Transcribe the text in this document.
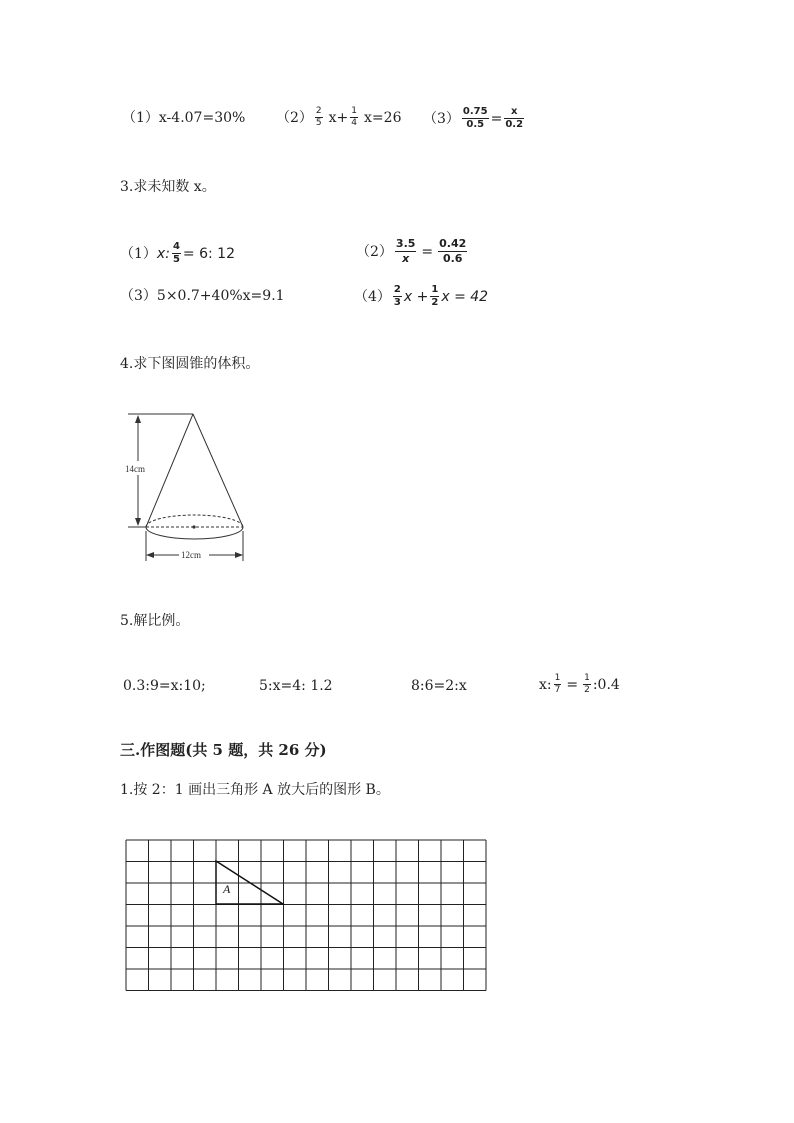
（1）x-4.07=30% $(2) \frac{2}{5} x+ \frac{1}{4} x=26$ $(3) \frac{0.75}{0.5} = \frac{x}{0.2}$
3.求未知数 x。
（1） x: $\frac{4}{5} = 6$: 12	$(2) \frac{3.5}{x} = \frac{0.42}{0.6}$
（3）5×0.7+40%x=9.1	$(4) \frac{2}{3}$ $x + \frac{1}{2}$ x = 42
4.求下图圆锥的体积。
14cm
12cm
5.解比例。
0.3:9=x:10;	5:x=4: 1.2	8:6=2:x	x: $\frac{1}{7} = \frac{1}{2}$ :0.4
三.作图题(共 5 题，共 26 分)
1.按 2：1 画出三角形 A 放大后的图形 B。
A
